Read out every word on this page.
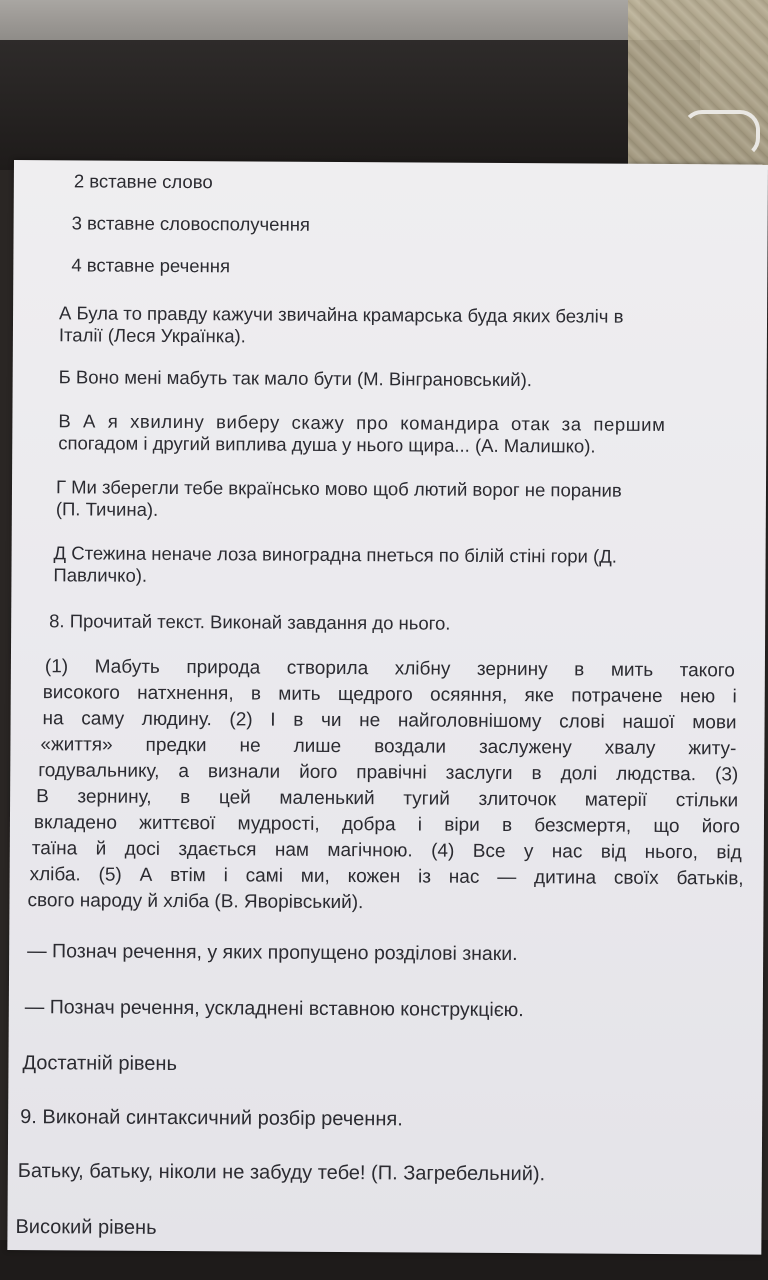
2 вставне слово
3 вставне словосполучення
4 вставне речення
А Була то правду кажучи звичайна крамарська буда яких безліч в
Італії (Леся Українка).
Б Воно мені мабуть так мало бути (М. Вінграновський).
В А я хвилину виберу скажу про командира отак за першим
спогадом і другий виплива душа у нього щира... (А. Малишко).
Г Ми зберегли тебе вкраїнсько мово щоб лютий ворог не поранив
(П. Тичина).
Д Стежина неначе лоза виноградна пнеться по білій стіні гори (Д.
Павличко).
8. Прочитай текст. Виконай завдання до нього.
(1) Мабуть природа створила хлібну зернину в мить такого
високого натхнення, в мить щедрого осяяння, яке потрачене нею і
на саму людину. (2) І в чи не найголовнішому слові нашої мови
«життя» предки не лише воздали заслужену хвалу житу-
годувальнику, а визнали його правічні заслуги в долі людства. (3)
В зернину, в цей маленький тугий злиточок матерії стільки
вкладено життєвої мудрості, добра і віри в безсмертя, що його
таїна й досі здається нам магічною. (4) Все у нас від нього, від
хліба. (5) А втім і самі ми, кожен із нас — дитина своїх батьків,
свого народу й хліба (В. Яворівський).
— Познач речення, у яких пропущено розділові знаки.
— Познач речення, ускладнені вставною конструкцією.
Достатній рівень
9. Виконай синтаксичний розбір речення.
Батьку, батьку, ніколи не забуду тебе! (П. Загребельний).
Високий рівень
